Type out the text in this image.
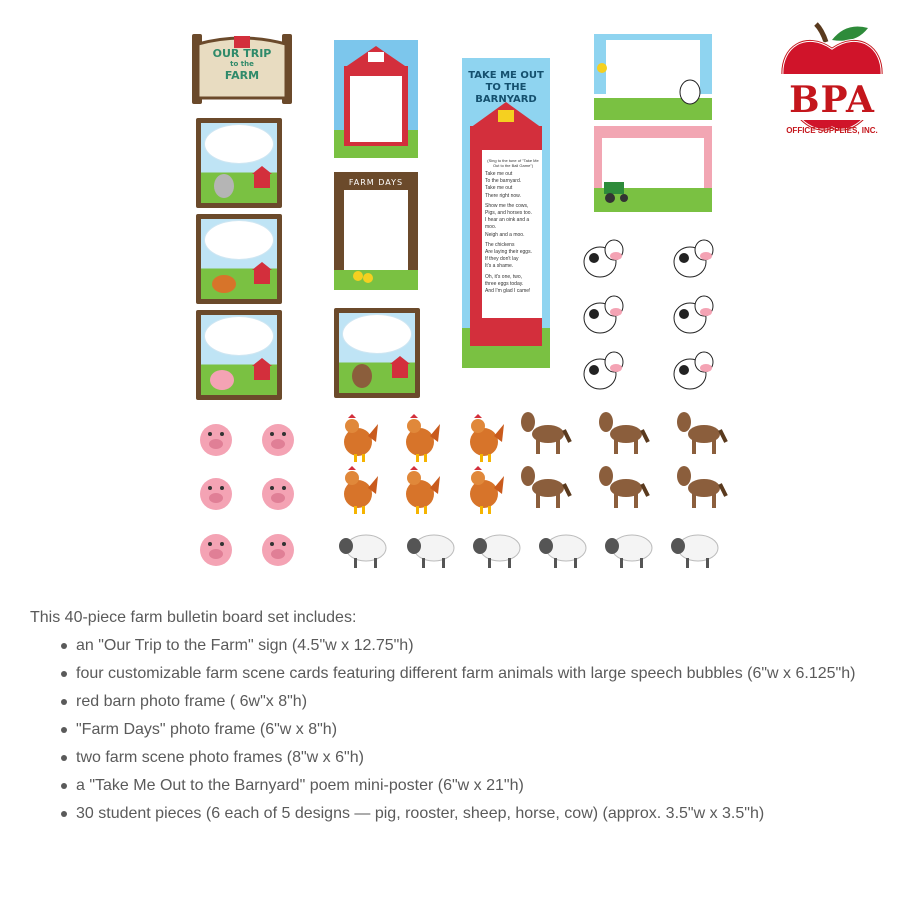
BPA
OFFICE SUPPLIES, INC.
OUR TRIP
to the
FARM
FARM DAYS
TAKE ME OUT TO THE BARNYARD

(Sing to the tune of "Take Me Out to the Ball Game")

Take me out
To the barnyard.
Take me out
There right now.

Show me the cows,
Pigs, and horses too.
I hear an oink and a moo.
Neigh and a moo.

The chickens
Are laying their eggs.
If they don't lay
It's a shame.

Oh, it's one, two,
three eggs today.
And I'm glad I came!

This 40-piece farm bulletin board set includes:

an "Our Trip to the Farm" sign (4.5"w x 12.75"h)
four customizable farm scene cards featuring different farm animals with large speech bubbles (6"w x 6.125"h)
red barn photo frame ( 6w"x 8"h)
"Farm Days" photo frame (6"w x 8"h)
two farm scene photo frames (8"w x 6"h)
a "Take Me Out to the Barnyard" poem mini-poster (6"w x 21"h)
30 student pieces (6 each of 5 designs — pig, rooster, sheep, horse, cow) (approx. 3.5"w x 3.5"h)
